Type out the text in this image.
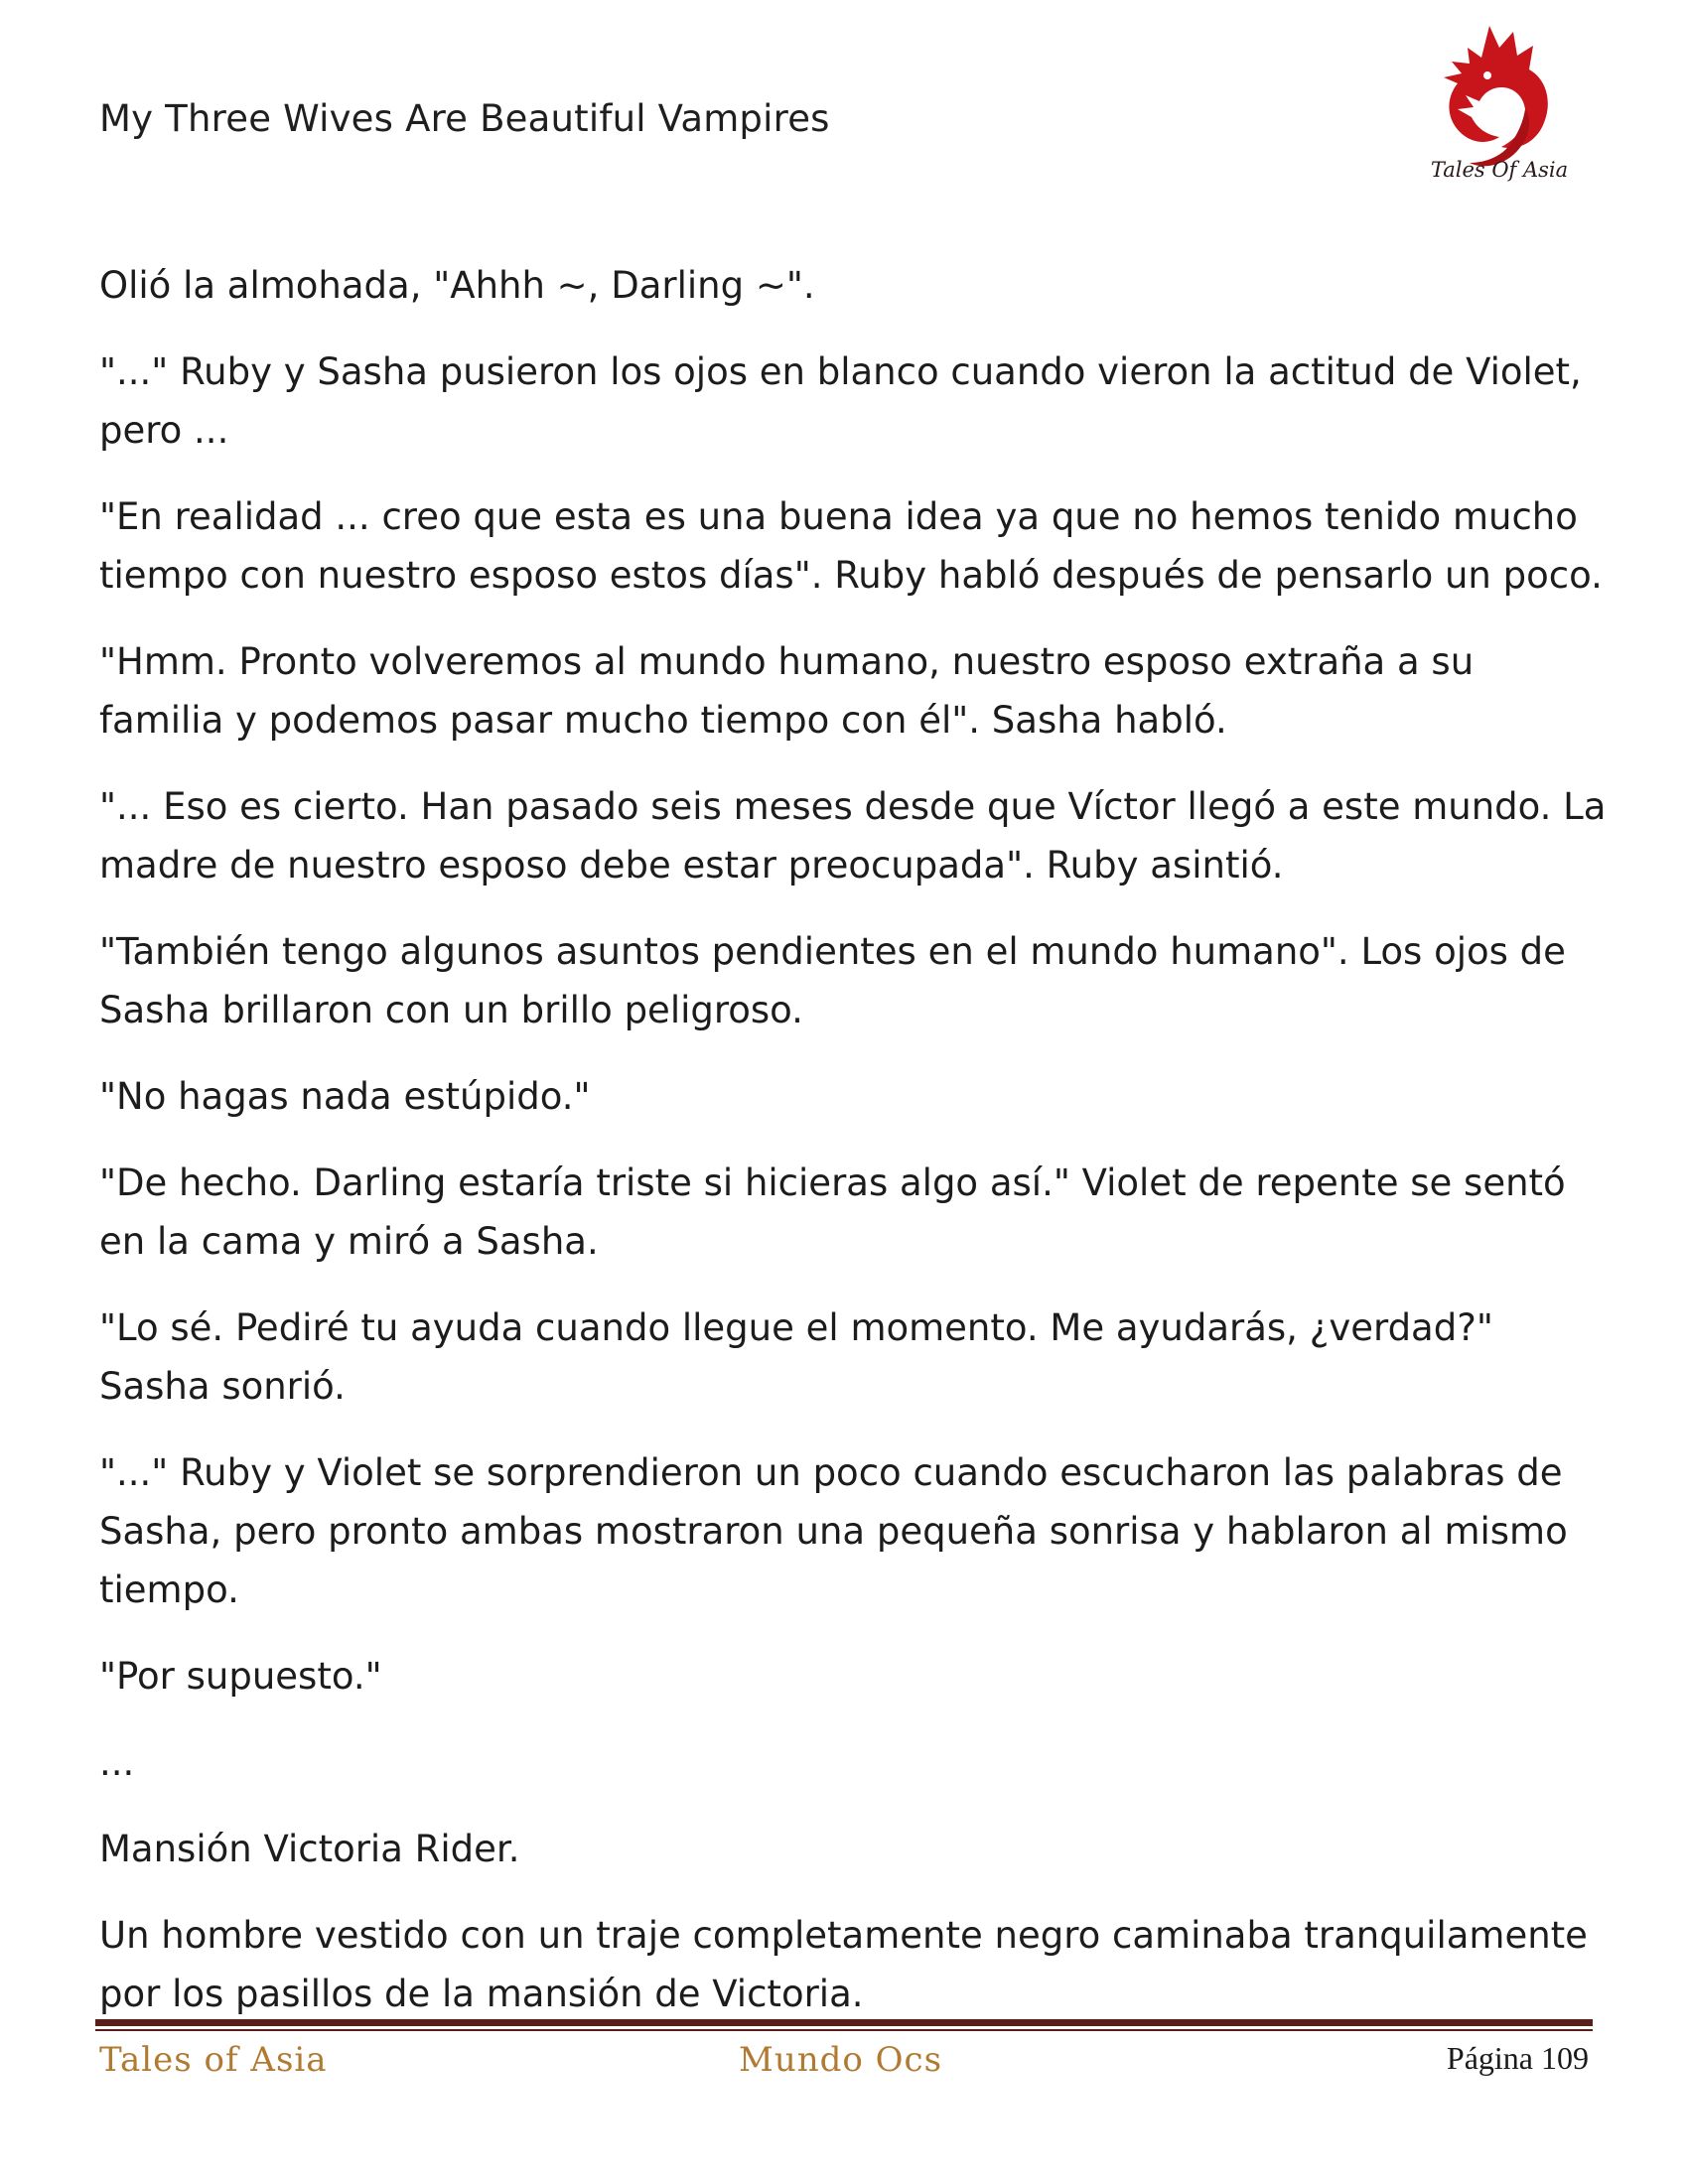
My Three Wives Are Beautiful Vampires
Tales Of Asia

Olió la almohada, "Ahhh ~, Darling ~".

"..." Ruby y Sasha pusieron los ojos en blanco cuando vieron la actitud de Violet, pero ...

"En realidad ... creo que esta es una buena idea ya que no hemos tenido mucho tiempo con nuestro esposo estos días". Ruby habló después de pensarlo un poco.

"Hmm. Pronto volveremos al mundo humano, nuestro esposo extraña a su familia y podemos pasar mucho tiempo con él". Sasha habló.

"... Eso es cierto. Han pasado seis meses desde que Víctor llegó a este mundo. La madre de nuestro esposo debe estar preocupada". Ruby asintió.

"También tengo algunos asuntos pendientes en el mundo humano". Los ojos de Sasha brillaron con un brillo peligroso.

"No hagas nada estúpido."

"De hecho. Darling estaría triste si hicieras algo así." Violet de repente se sentó en la cama y miró a Sasha.

"Lo sé. Pediré tu ayuda cuando llegue el momento. Me ayudarás, ¿verdad?" Sasha sonrió.

"..." Ruby y Violet se sorprendieron un poco cuando escucharon las palabras de Sasha, pero pronto ambas mostraron una pequeña sonrisa y hablaron al mismo tiempo.

"Por supuesto."

...

Mansión Victoria Rider.

Un hombre vestido con un traje completamente negro caminaba tranquilamente por los pasillos de la mansión de Victoria.

Tales of Asia	Mundo Ocs	Página 109
